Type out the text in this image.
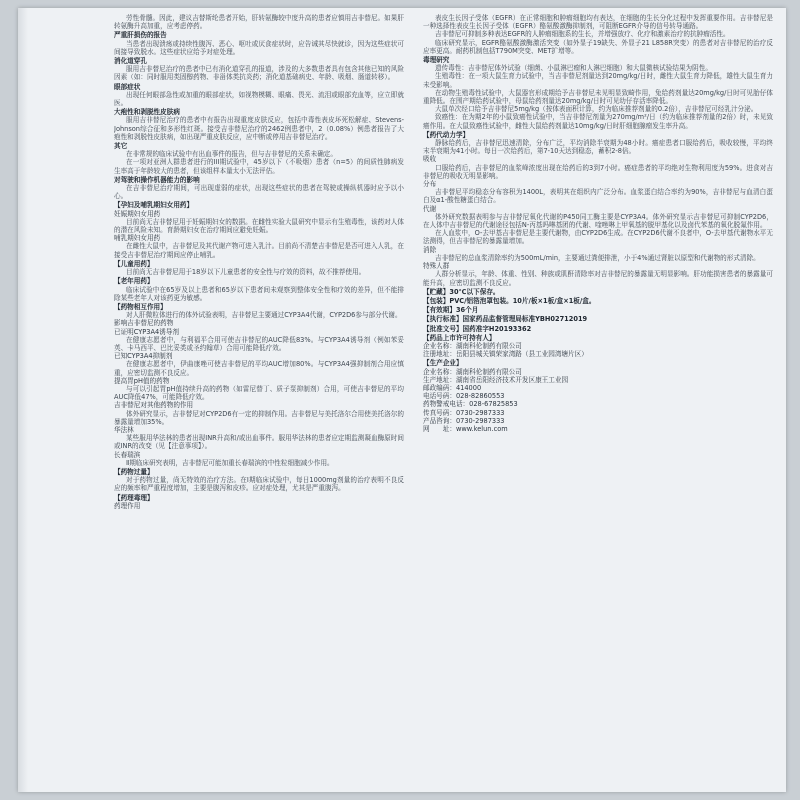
劳性骨髓。因此，建议吉替斯纶患者开始，肝转氨酶较中度升高的患者应慎用吉非替尼。如果肝转氨酶升高加重，应考虑停药。

严重肝损伤的报告

当患者出现溃疡或持续性腹泻、恶心、呕吐或厌食症状时，应告诫其尽快就诊，因为这些症状可间接导致脱水。这些症状应给予对症处理。

消化道穿孔

服用吉非替尼治疗的患者中已有消化道穿孔的报道，涉及的大多数患者具有包含其他已知的风险因素（如：同时服用类固醇药物、非甾体类抗炎药；消化道基础病史、年龄、吸烟、肠道转移）。

眼部症状

出现任何眼部急性或加重的眼部症状，如视物模糊、眼痛、畏光、流泪或眼部充血等，应立即就医。

大疱性和剥脱性皮肤病

服用吉非替尼治疗的患者中有报告出现重度皮肤反应，包括中毒性表皮坏死松解症、Stevens-Johnson综合征和多形性红斑。接受吉非替尼治疗的2462例患者中，2（0.08%）例患者报告了大疱性和剥脱性皮肤病，如出现严重皮肤反应，应中断或停用吉非替尼治疗。

其它

在非常规的临床试验中有出血事件的报告，但与吉非替尼的关系未确定。

在一项对亚洲人群患者进行的III期试验中，45岁以下（不吸烟）患者（n=5）的间质性肺病发生率高于年龄较大的患者，但该组样本量太小无法评估。

对驾驶和操作机器能力的影响

在吉非替尼治疗期间，可出现虚弱的症状，出现这些症状的患者在驾驶或操纵机器时应予以小心。

【孕妇及哺乳期妇女用药】

妊娠期妇女用药

目前尚无吉非替尼用于妊娠期妇女的数据。在雌性实验大鼠研究中显示有生殖毒性，该药对人体的潜在风险未知。育龄期妇女在治疗期间应避免妊娠。

哺乳期妇女用药

在雌性大鼠中，吉非替尼及其代谢产物可进入乳汁。目前尚不清楚吉非替尼是否可进入人乳，在接受吉非替尼治疗期间应停止哺乳。

【儿童用药】

目前尚无吉非替尼用于18岁以下儿童患者的安全性与疗效的资料，故不推荐使用。

【老年用药】

临床试验中在65岁及以上患者和65岁以下患者间未观察到整体安全性和疗效的差异，但不能排除某些老年人对该药更为敏感。

【药物相互作用】

对人肝微粒体进行的体外试验表明，吉非替尼主要通过CYP3A4代谢，CYP2D6参与部分代谢。

影响吉非替尼的药物

已证明CYP3A4诱导剂

在健康志愿者中，与利福平合用可使吉非替尼的AUC降低83%。与CYP3A4诱导剂（例如苯妥英、卡马西平、巴比妥类或圣约翰草）合用可能降低疗效。

已知CYP3A4抑制剂

在健康志愿者中，伊曲康唑可使吉非替尼的平均AUC增加80%。与CYP3A4强抑制剂合用应慎重，应密切监测不良反应。

提高胃pH值的药物

与可以引起胃pH值持续升高的药物（如雷尼替丁、质子泵抑制剂）合用，可使吉非替尼的平均AUC降低47%，可能降低疗效。

吉非替尼对其他药物的作用

体外研究显示，吉非替尼对CYP2D6有一定的抑制作用。吉非替尼与美托洛尔合用使美托洛尔的暴露量增加35%。

华法林

某些服用华法林的患者出现INR升高和/或出血事件。服用华法林的患者应定期监测凝血酶原时间或INR的改变（见【注意事项】）。

长春瑞滨

Ⅱ期临床研究表明，吉非替尼可能加重长春瑞滨的中性粒细胞减少作用。

【药物过量】

对于药物过量，尚无特效的治疗方法。在I期临床试验中，每日1000mg剂量的治疗表明不良反应的频率和严重程度增加，主要是腹泻和皮疹。应对症处理，尤其是严重腹泻。

【药理毒理】

药理作用

表皮生长因子受体（EGFR）在正常细胞和肿瘤细胞均有表达，在细胞的生长分化过程中发挥重要作用。吉非替尼是一种选择性表皮生长因子受体（EGFR）酪氨酸激酶抑制剂，可阻断EGFR介导的信号转导通路。

吉非替尼可抑制多种表达EGFR的人肿瘤细胞系的生长，并增强放疗、化疗和激素治疗的抗肿瘤活性。

临床研究显示，EGFR酪氨酸激酶激活突变（如外显子19缺失、外显子21 L858R突变）的患者对吉非替尼的治疗反应率更高。耐药机制包括T790M突变、MET扩增等。

毒理研究

遗传毒性：吉非替尼体外试验（细菌、小鼠淋巴瘤和人淋巴细胞）和大鼠微核试验结果为阴性。

生殖毒性：在一项大鼠生育力试验中，当吉非替尼剂量达到20mg/kg/日时，雌性大鼠生育力降低，雄性大鼠生育力未受影响。

在动物生殖毒性试验中，大鼠器官形成期给予吉非替尼未见明显致畸作用，兔给药剂量达20mg/kg/日时可见胎仔体重降低。在围产期给药试验中，母鼠给药剂量达20mg/kg/日时可见幼仔存活率降低。

大鼠单次经口给予吉非替尼5mg/kg（按体表面积计算，约为临床推荐剂量的0.2倍），吉非替尼可经乳汁分泌。

致癌性：在为期2年的小鼠致癌性试验中，当吉非替尼剂量为270mg/m²/日（约为临床推荐剂量的2倍）时，未见致癌作用。在大鼠致癌性试验中，雌性大鼠给药剂量达10mg/kg/日时肝细胞腺瘤发生率升高。

【药代动力学】

静脉给药后，吉非替尼迅速清除，分布广泛，平均消除半衰期为48小时。癌症患者口服给药后，吸收较慢，平均终末半衰期为41小时。每日一次给药后，第7-10天达到稳态，蓄积2-8倍。

吸收

口服给药后，吉非替尼的血浆峰浓度出现在给药后的3到7小时。癌症患者的平均绝对生物利用度为59%。进食对吉非替尼的吸收无明显影响。

分布

吉非替尼平均稳态分布容积为1400L，表明其在组织内广泛分布。血浆蛋白结合率约为90%，吉非替尼与血清白蛋白及α1-酸性糖蛋白结合。

代谢

体外研究数据表明参与吉非替尼氧化代谢的P450同工酶主要是CYP3A4。体外研究显示吉非替尼可抑制CYP2D6，在人体中吉非替尼的代谢途径包括N-丙基吗啉基团的代谢、喹唑啉上甲氧基的脱甲基化以及卤代苯基的氧化脱氟作用。

在人血浆中，O-去甲基吉非替尼是主要代谢物，由CYP2D6生成。在CYP2D6代谢不良者中，O-去甲基代谢物水平无法测得，但吉非替尼的暴露量增加。

消除

吉非替尼的总血浆清除率约为500mL/min，主要通过粪便排泄，小于4%通过肾脏以原型和代谢物的形式清除。

特殊人群

人群分析显示，年龄、体重、性别、种族或肌酐清除率对吉非替尼的暴露量无明显影响。肝功能损害患者的暴露量可能升高，应密切监测不良反应。

【贮藏】30℃以下保存。

【包装】PVC/铝箔泡罩包装。10片/板×1板/盒×1板/盒。

【有效期】36个月

【执行标准】国家药品监督管理局标准YBH02712019

【批准文号】国药准字H20193362

【药品上市许可持有人】

企业名称：湖南科伦制药有限公司

注册地址：岳阳县城关镇荣家湾路（县工业园湾塘片区）

【生产企业】

企业名称：湖南科伦制药有限公司

生产地址：湖南省岳阳经济技术开发区康王工业园

邮政编码：414000

电话号码：028-82860553

药物警戒电话：028-67825853

传真号码：0730-2987333

产品咨询：0730-2987333

网　　址：www.kelun.com
